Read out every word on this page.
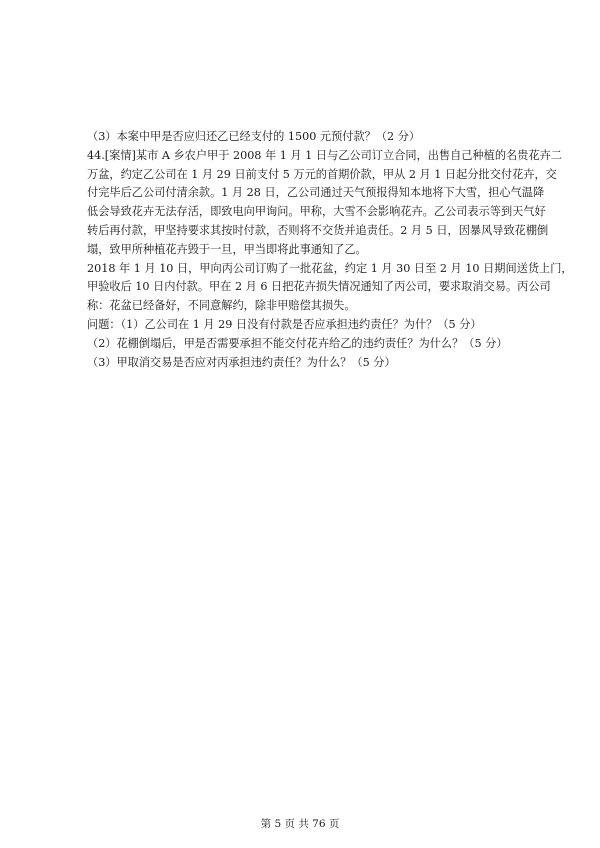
（3）本案中甲是否应归还乙已经支付的 1500 元预付款？（2 分）

44.[案情]某市 A 乡农户甲于 2008 年 1 月 1 日与乙公司订立合同，出售自己种植的名贵花卉二

万盆，约定乙公司在 1 月 29 日前支付 5 万元的首期价款，甲从 2 月 1 日起分批交付花卉，交

付完毕后乙公司付清余款。1 月 28 日，乙公司通过天气预报得知本地将下大雪，担心气温降

低会导致花卉无法存活，即致电向甲询问。甲称，大雪不会影响花卉。乙公司表示等到天气好

转后再付款，甲坚持要求其按时付款，否则将不交货并追责任。2 月 5 日，因暴风导致花棚倒

塌，致甲所种植花卉毁于一旦，甲当即将此事通知了乙。

2018 年 1 月 10 日，甲向丙公司订购了一批花盆，约定 1 月 30 日至 2 月 10 日期间送货上门，

甲验收后 10 日内付款。甲在 2 月 6 日把花卉损失情况通知了丙公司，要求取消交易。丙公司

称：花盆已经备好，不同意解约，除非甲赔偿其损失。

问题：（1）乙公司在 1 月 29 日没有付款是否应承担违约责任？为什？（5 分）

（2）花棚倒塌后，甲是否需要承担不能交付花卉给乙的违约责任？为什么？（5 分）

（3）甲取消交易是否应对丙承担违约责任？为什么？（5 分）

第 5 页 共 76 页
